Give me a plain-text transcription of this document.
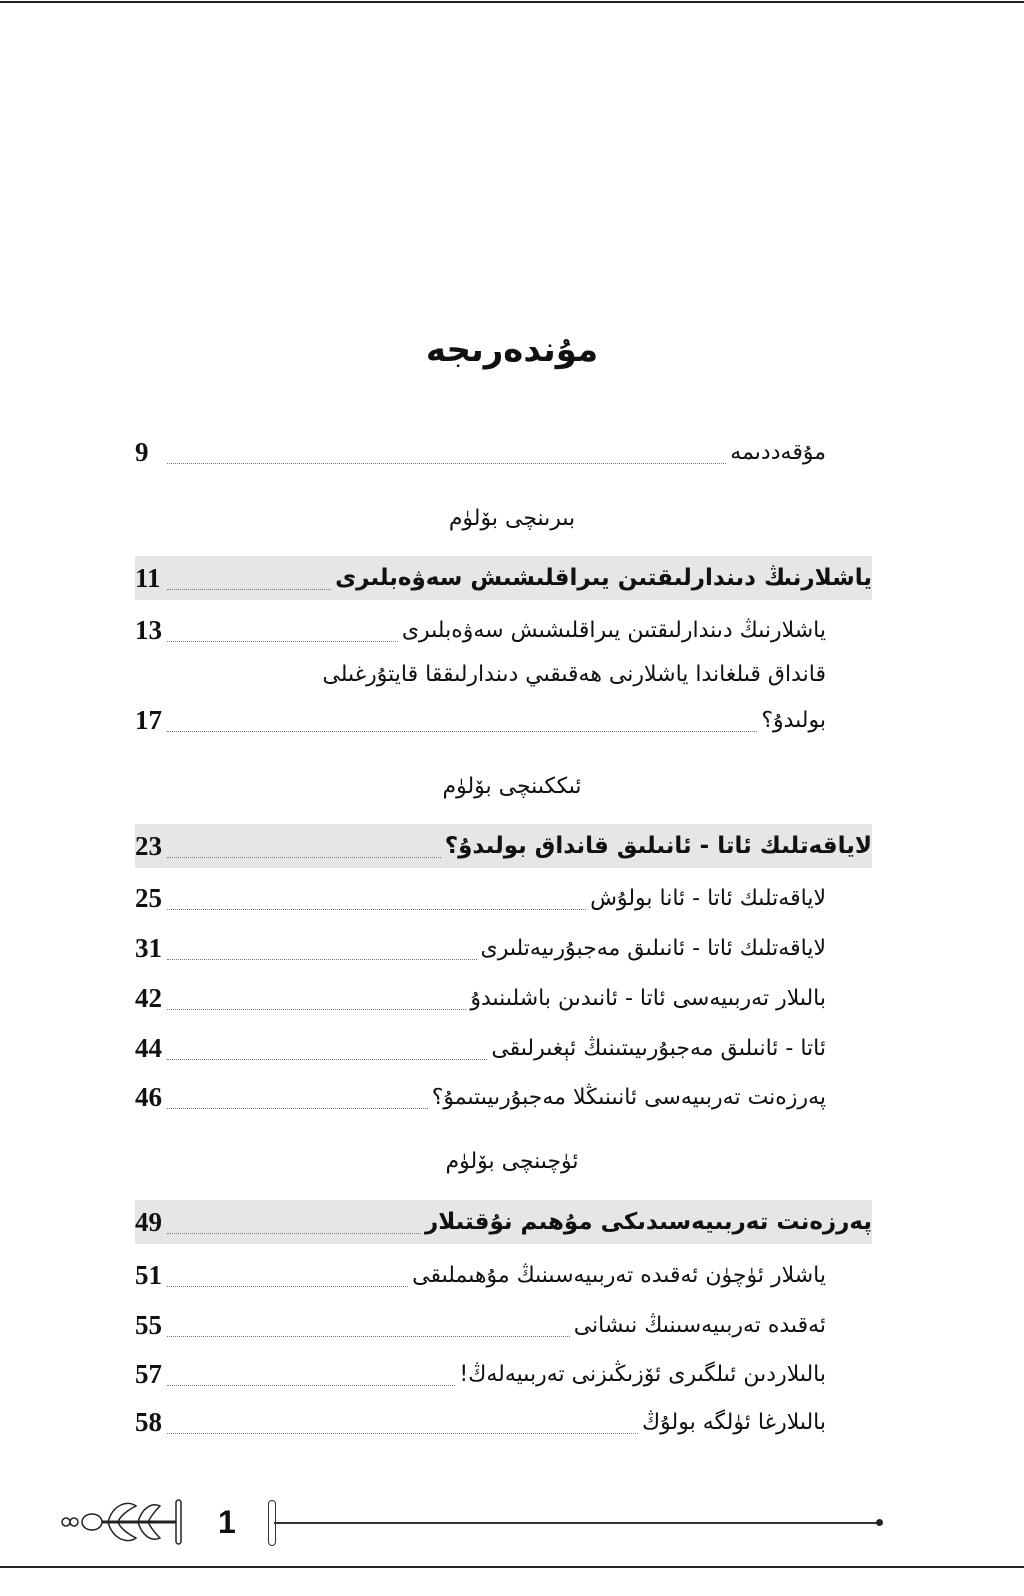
مۇندەرىجە
مۇقەددىمە
9
بىرىنچى بۆلۈم
ياشلارنىڭ دىندارلىقتىن يىراقلىشىش سەۋەبلىرى
11
ياشلارنىڭ دىندارلىقتىن يىراقلىشىش سەۋەبلىرى
13
قانداق قىلغاندا ياشلارنى ھەقىقىي دىندارلىققا قايتۇرغىلى
بولىدۇ؟
17
ئىككىنچى بۆلۈم
لاياقەتلىك ئاتا - ئانىلىق قانداق بولىدۇ؟
23
لاياقەتلىك ئاتا - ئانا بولۇش
25
لاياقەتلىك ئاتا - ئانىلىق مەجبۇرىيەتلىرى
31
بالىلار تەربىيەسى ئاتا - ئانىدىن باشلىنىدۇ
42
ئاتا - ئانىلىق مەجبۇرىيىتىنىڭ ئېغىرلىقى
44
پەرزەنت تەربىيەسى ئانىنىڭلا مەجبۇرىيىتىمۇ؟
46
ئۈچىنچى بۆلۈم
پەرزەنت تەربىيەسىدىكى مۇھىم نۇقتىلار
49
ياشلار ئۈچۈن ئەقىدە تەربىيەسىنىڭ مۇھىملىقى
51
ئەقىدە تەربىيەسىنىڭ نىشانى
55
بالىلاردىن ئىلگىرى ئۆزىڭىزنى تەربىيەلەڭ!
57
بالىلارغا ئۈلگە بولۇڭ
58
1
